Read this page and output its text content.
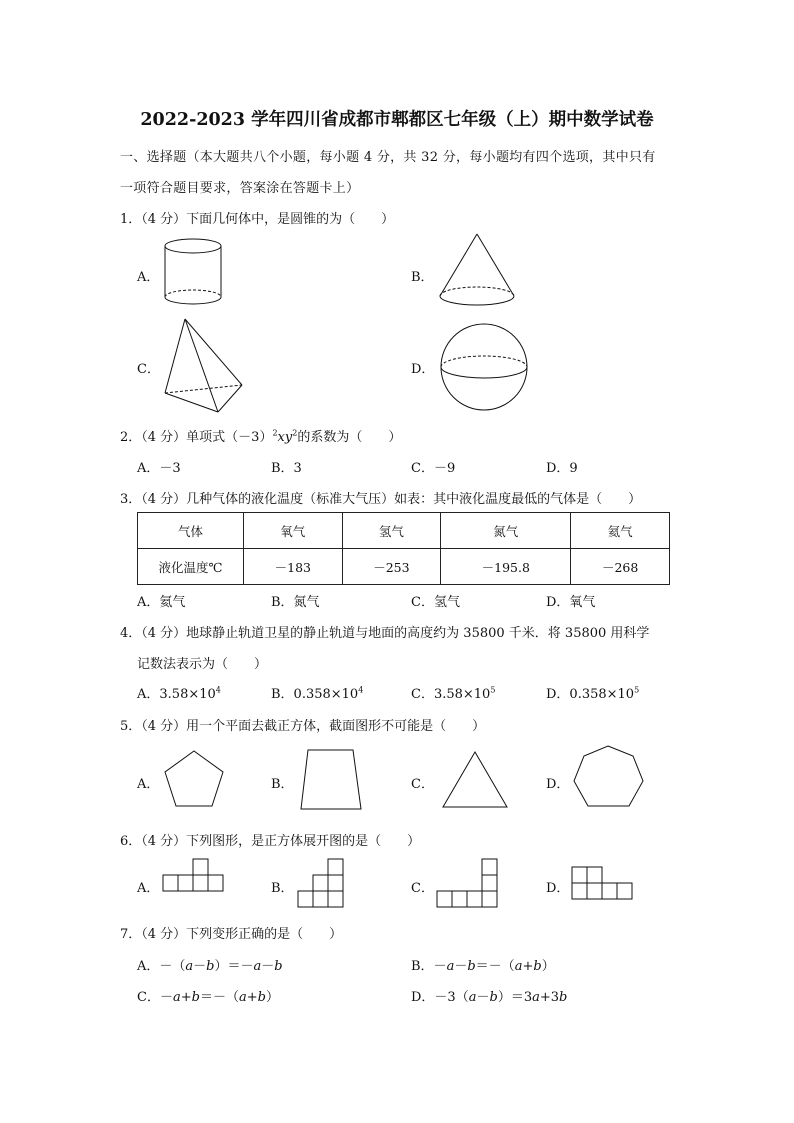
2022-2023 学年四川省成都市郫都区七年级（上）期中数学试卷
一、选择题（本大题共八个小题，每小题 4 分，共 32 分，每小题均有四个选项，其中只有
一项符合题目要求，答案涂在答题卡上）
1．（4 分）下面几何体中，是圆锥的为（　　）
A．	B．
C．	D．
2．（4 分）单项式$(-3)^2xy^2$的系数为（　　）
A．－3	B．3	C．－9	D．9
3．（4 分）几种气体的液化温度（标准大气压）如表：其中液化温度最低的气体是（　　）
气体	氧气	氢气	氮气	氦气
液化温度℃	－183	－253	－195.8	－268
A．氦气	B．氮气	C．氢气	D．氧气
4．（4 分）地球静止轨道卫星的静止轨道与地面的高度约为 35800 千米．将 35800 用科学
记数法表示为（　　）
A．$3.58\times 10^4$	B．$0.358\times 10^4$	C．$3.58\times 10^5$	D．$0.358\times 10^5$
5．（4 分）用一个平面去截正方体，截面图形不可能是（　　）
A．	B．	C．	D．
6．（4 分）下列图形，是正方体展开图的是（　　）
A．	B．	C．	D．
7．（4 分）下列变形正确的是（　　）
A．－（a－b）＝－a－b	B．－a－b＝－（a+b）
C．－a+b＝－（a+b）	D．－3（a－b）＝3a+3b
